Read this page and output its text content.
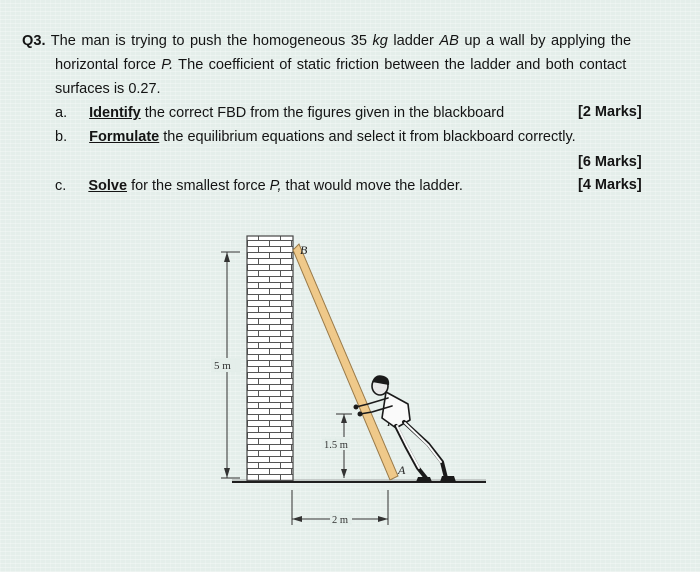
Q3. The man is trying to push the homogeneous 35 kg ladder AB up a wall by applying the
horizontal force P. The coefficient of static friction between the ladder and both contact
surfaces is 0.27.
a. Identify the correct FBD from the figures given in the blackboard	[2 Marks]
b. Formulate the equilibrium equations and select it from blackboard correctly.
[6 Marks]
c. Solve for the smallest force P, that would move the ladder.	[4 Marks]
5 m
1.5 m
2 m
B
A
